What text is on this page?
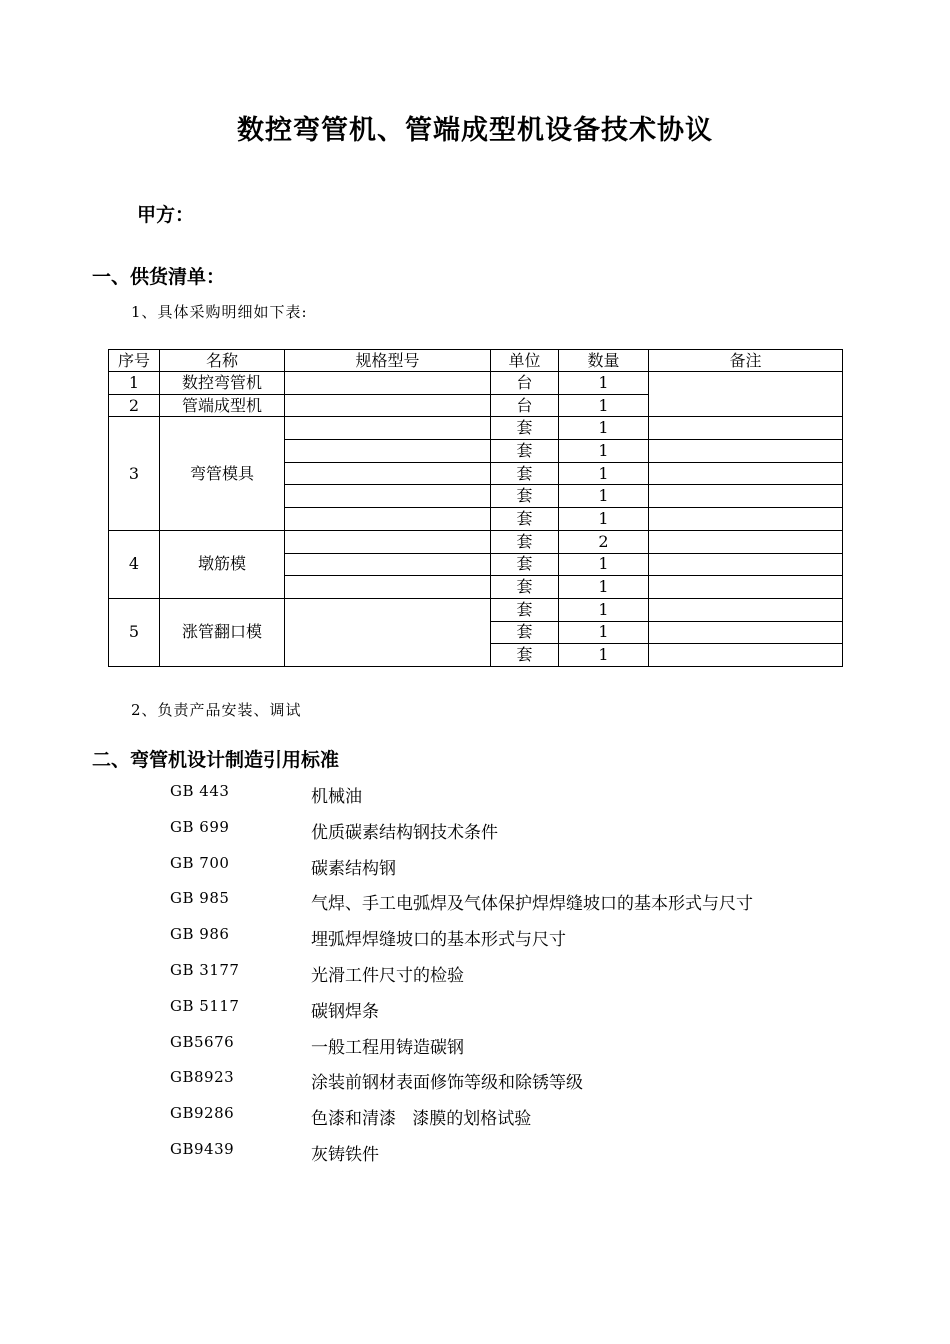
数控弯管机、管端成型机设备技术协议
甲方：
一、供货清单：
1、具体采购明细如下表:
序号	名称	规格型号	单位	数量	备注
1	数控弯管机		台	1	
2	管端成型机		台	1	
3	弯管模具		套	1	
			套	1	
			套	1	
			套	1	
			套	1	
4	墩筋模		套	2	
			套	1	
			套	1	
5	涨管翻口模		套	1	
			套	1	
			套	1	
2、负责产品安装、调试
二、弯管机设计制造引用标准
GB 443	机械油
GB 699	优质碳素结构钢技术条件
GB 700	碳素结构钢
GB 985	气焊、手工电弧焊及气体保护焊焊缝坡口的基本形式与尺寸
GB 986	埋弧焊焊缝坡口的基本形式与尺寸
GB 3177	光滑工件尺寸的检验
GB 5117	碳钢焊条
GB5676	一般工程用铸造碳钢
GB8923	涂装前钢材表面修饰等级和除锈等级
GB9286	色漆和清漆   漆膜的划格试验
GB9439	灰铸铁件
